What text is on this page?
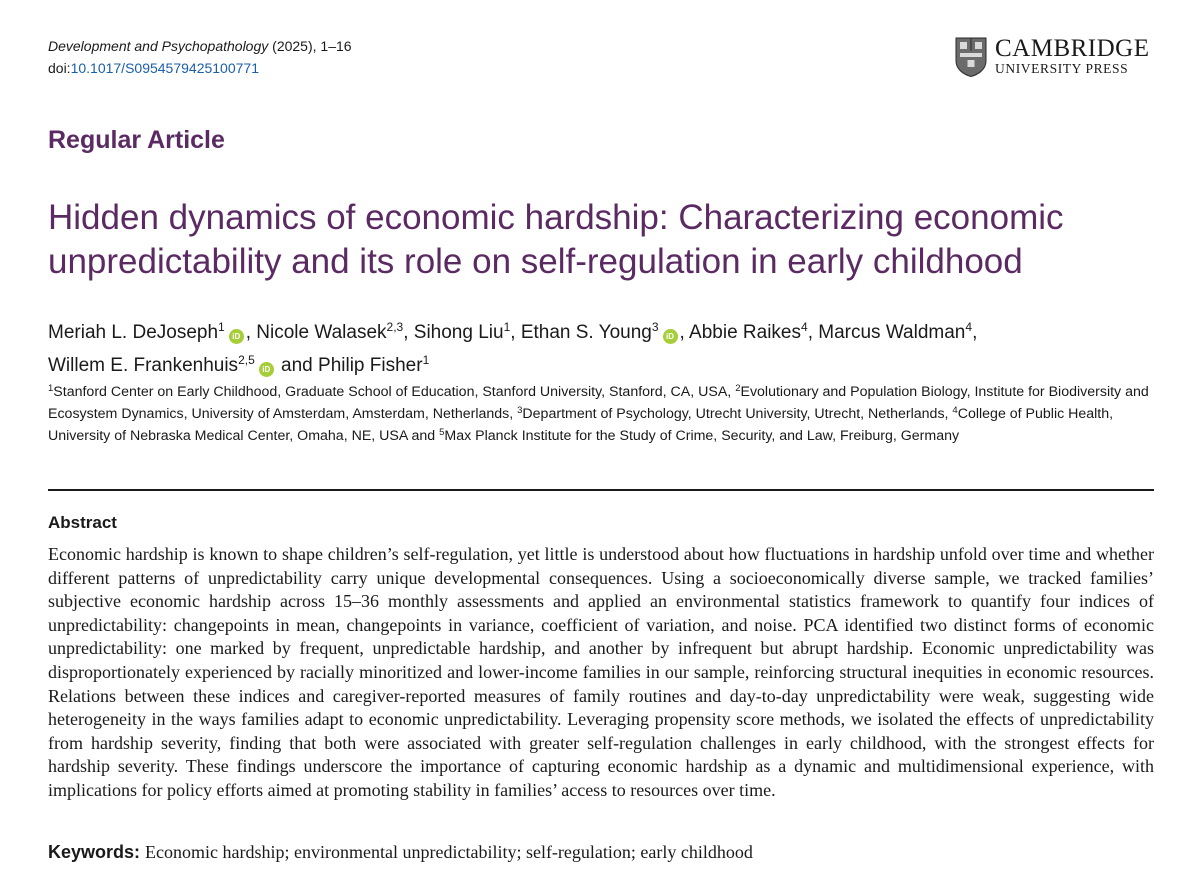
Development and Psychopathology (2025), 1–16
doi:10.1017/S0954579425100771
CAMBRIDGE
UNIVERSITY PRESS
Regular Article
Hidden dynamics of economic hardship: Characterizing economic unpredictability and its role on self-regulation in early childhood
Meriah L. DeJoseph$^1$iD , Nicole Walasek$^{2,3}$, Sihong Liu$^1$, Ethan S. Young$^3$iD , Abbie Raikes$^4$, Marcus Waldman$^4$,
Willem E. Frankenhuis$^{2,5}$iD and Philip Fisher$^1$
$^1$Stanford Center on Early Childhood, Graduate School of Education, Stanford University, Stanford, CA, USA, $^2$Evolutionary and Population Biology, Institute for Biodiversity and Ecosystem Dynamics, University of Amsterdam, Amsterdam, Netherlands, $^3$Department of Psychology, Utrecht University, Utrecht, Netherlands, $^4$College of Public Health, University of Nebraska Medical Center, Omaha, NE, USA and $^5$Max Planck Institute for the Study of Crime, Security, and Law, Freiburg, Germany
Abstract
Economic hardship is known to shape children’s self-regulation, yet little is understood about how fluctuations in hardship unfold over time and whether different patterns of unpredictability carry unique developmental consequences. Using a socioeconomically diverse sample, we tracked families’ subjective economic hardship across 15–36 monthly assessments and applied an environmental statistics framework to quantify four indices of unpredictability: changepoints in mean, changepoints in variance, coefficient of variation, and noise. PCA identified two distinct forms of economic unpredictability: one marked by frequent, unpredictable hardship, and another by infrequent but abrupt hardship. Economic unpredictability was disproportionately experienced by racially minoritized and lower-income families in our sample, reinforcing structural inequities in economic resources. Relations between these indices and caregiver-reported measures of family routines and day-to-day unpredictability were weak, suggesting wide heterogeneity in the ways families adapt to economic unpredictability. Leveraging propensity score methods, we isolated the effects of unpredictability from hardship severity, finding that both were associated with greater self-regulation challenges in early childhood, with the strongest effects for hardship severity. These findings underscore the importance of capturing economic hardship as a dynamic and multidimensional experience, with implications for policy efforts aimed at promoting stability in families’ access to resources over time.
Keywords: Economic hardship; environmental unpredictability; self-regulation; early childhood
